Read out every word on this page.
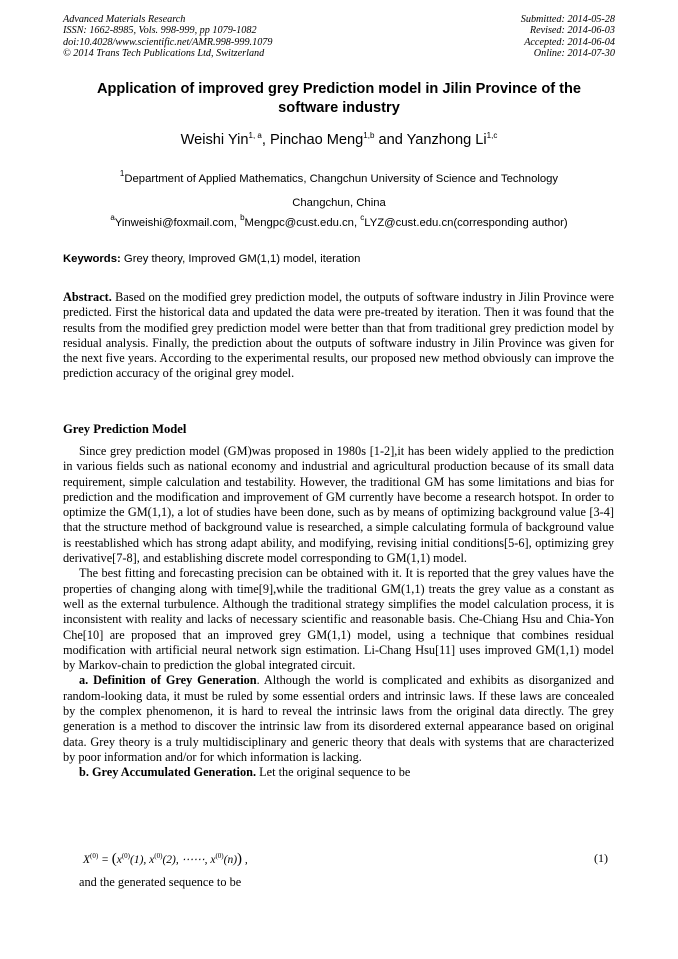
Advanced Materials Research
ISSN: 1662-8985, Vols. 998-999, pp 1079-1082
doi:10.4028/www.scientific.net/AMR.998-999.1079
© 2014 Trans Tech Publications Ltd, Switzerland
Submitted: 2014-05-28
Revised: 2014-06-03
Accepted: 2014-06-04
Online: 2014-07-30
Application of improved grey Prediction model in Jilin Province of the software industry
Weishi Yin$^{1, a}$, Pinchao Meng$^{1,b}$ and Yanzhong Li$^{1,c}$
$^1$Department of Applied Mathematics, Changchun University of Science and Technology
Changchun, China
$^a$Yinweishi@foxmail.com, $^b$Mengpc@cust.edu.cn, $^c$LYZ@cust.edu.cn(corresponding author)
Keywords: Grey theory, Improved GM(1,1) model, iteration
Abstract. Based on the modified grey prediction model, the outputs of software industry in Jilin Province were predicted. First the historical data and updated the data were pre-treated by iteration. Then it was found that the results from the modified grey prediction model were better than that from traditional grey prediction model by residual analysis. Finally, the prediction about the outputs of software industry in Jilin Province was given for the next five years. According to the experimental results, our proposed new method obviously can improve the prediction accuracy of the original grey model.
Grey Prediction Model

Since grey prediction model (GM)was proposed in 1980s [1-2],it has been widely applied to the prediction in various fields such as national economy and industrial and agricultural production because of its small data requirement, simple calculation and testability. However, the traditional GM has some limitations and bias for prediction and the modification and improvement of GM currently have become a research hotspot. In order to optimize the GM(1,1), a lot of studies have been done, such as by means of optimizing background value [3-4] that the structure method of background value is researched, a simple calculating formula of background value is reestablished which has strong adapt ability, and modifying, revising initial conditions[5-6], optimizing grey derivative[7-8], and establishing discrete model corresponding to GM(1,1) model.

The best fitting and forecasting precision can be obtained with it. It is reported that the grey values have the properties of changing along with time[9],while the traditional GM(1,1) treats the grey value as a constant as well as the external turbulence. Although the traditional strategy simplifies the model calculation process, it is inconsistent with reality and lacks of necessary scientific and reasonable basis. Che-Chiang Hsu and Chia-Yon Che[10] are proposed that an improved grey GM(1,1) model, using a technique that combines residual modification with artificial neural network sign estimation. Li-Chang Hsu[11] uses improved GM(1,1) model by Markov-chain to prediction the global integrated circuit.

a. Definition of Grey Generation. Although the world is complicated and exhibits as disorganized and random-looking data, it must be ruled by some essential orders and intrinsic laws. If these laws are concealed by the complex phenomenon, it is hard to reveal the intrinsic laws from the original data directly. The grey generation is a method to discover the intrinsic law from its disordered external appearance based on original data. Grey theory is a truly multidisciplinary and generic theory that deals with systems that are characterized by poor information and/or for which information is lacking.

b. Grey Accumulated Generation. Let the original sequence to be

$X^{(0)} = (x^{(0)}(1)$, $x^{(0)}(2)$, ⋯⋯, $x^{(0)}(n)$) ,	(1)
and the generated sequence to be
